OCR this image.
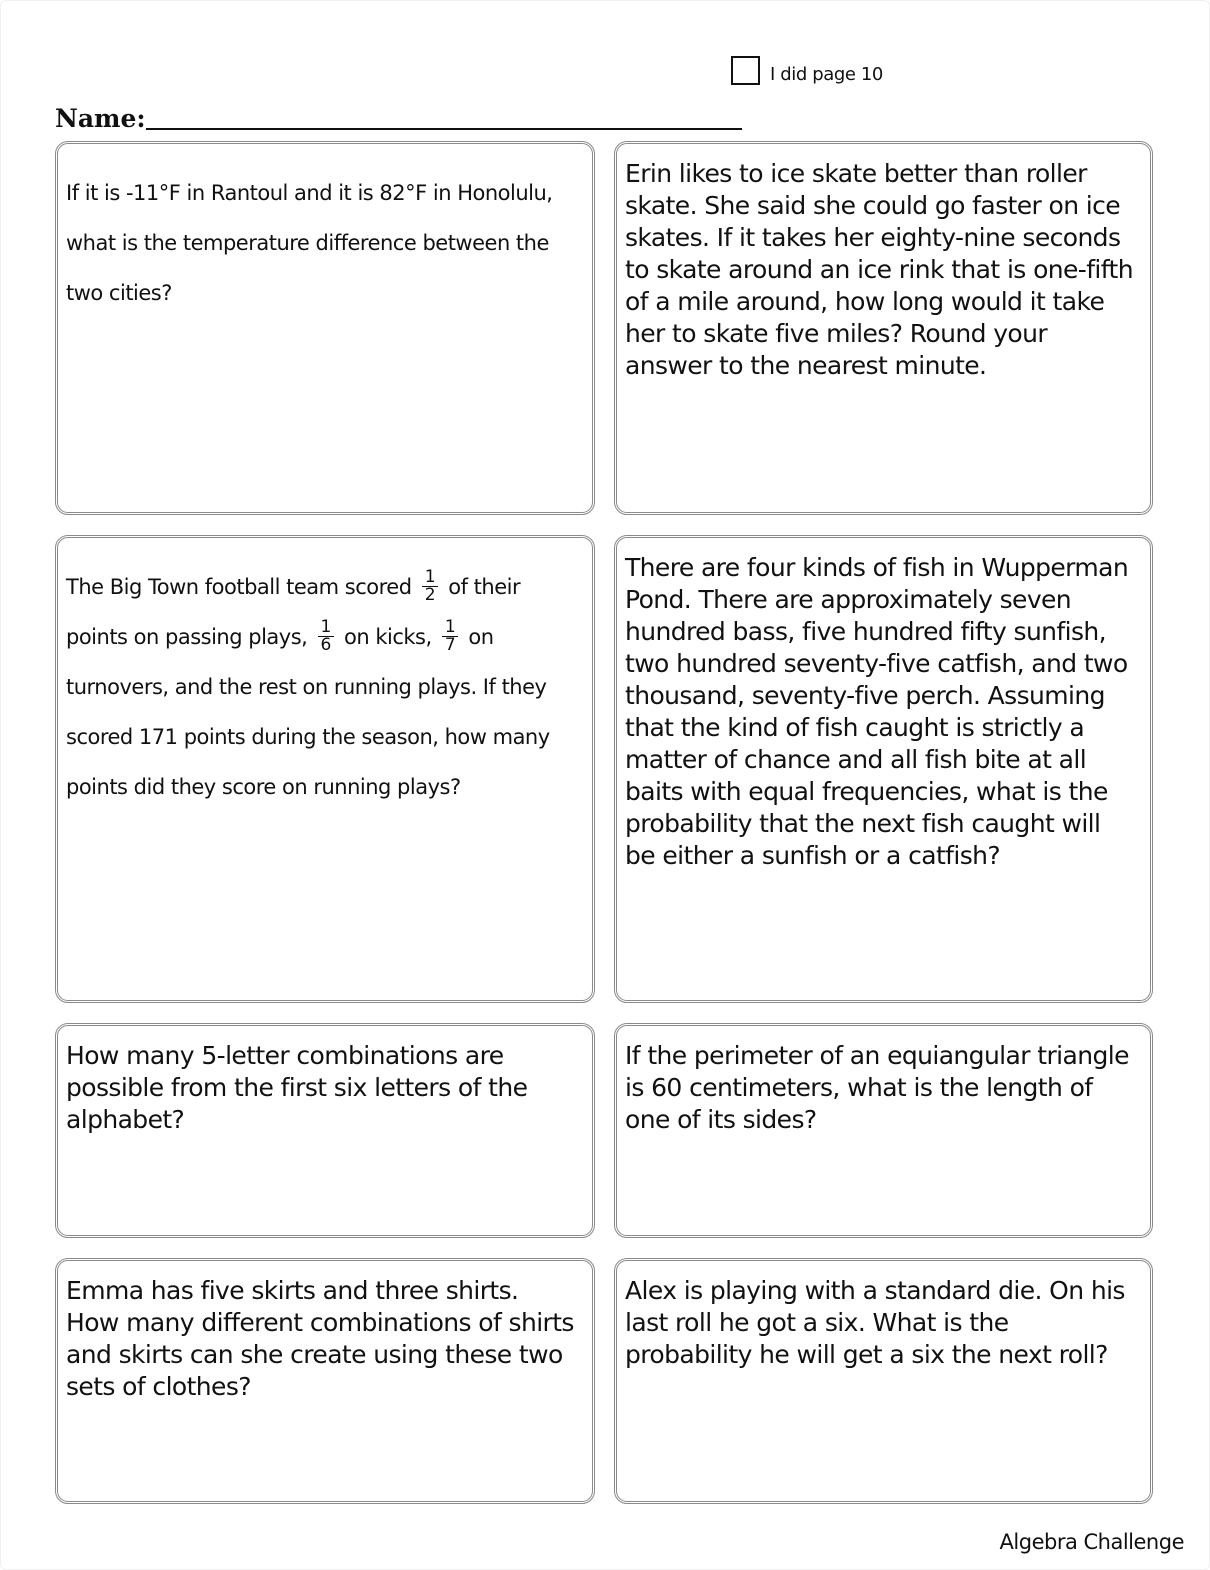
I did page 10
Name:

If it is -11°F in Rantoul and it is 82°F in Honolulu, what is the temperature difference between the two cities?

Erin likes to ice skate better than roller skate. She said she could go faster on ice skates. If it takes her eighty-nine seconds to skate around an ice rink that is one-fifth of a mile around, how long would it take her to skate five miles? Round your answer to the nearest minute.

The Big Town football team scored $\frac{1}{2}$ of their points on passing plays, $\frac{1}{6}$ on kicks, $\frac{1}{7}$ on turnovers, and the rest on running plays. If they scored 171 points during the season, how many points did they score on running plays?

There are four kinds of fish in Wupperman Pond. There are approximately seven hundred bass, five hundred fifty sunfish, two hundred seventy-five catfish, and two thousand, seventy-five perch. Assuming that the kind of fish caught is strictly a matter of chance and all fish bite at all baits with equal frequencies, what is the probability that the next fish caught will be either a sunfish or a catfish?

How many 5-letter combinations are possible from the first six letters of the alphabet?

If the perimeter of an equiangular triangle is 60 centimeters, what is the length of one of its sides?

Emma has five skirts and three shirts. How many different combinations of shirts and skirts can she create using these two sets of clothes?

Alex is playing with a standard die. On his last roll he got a six. What is the probability he will get a six the next roll?

Algebra Challenge
